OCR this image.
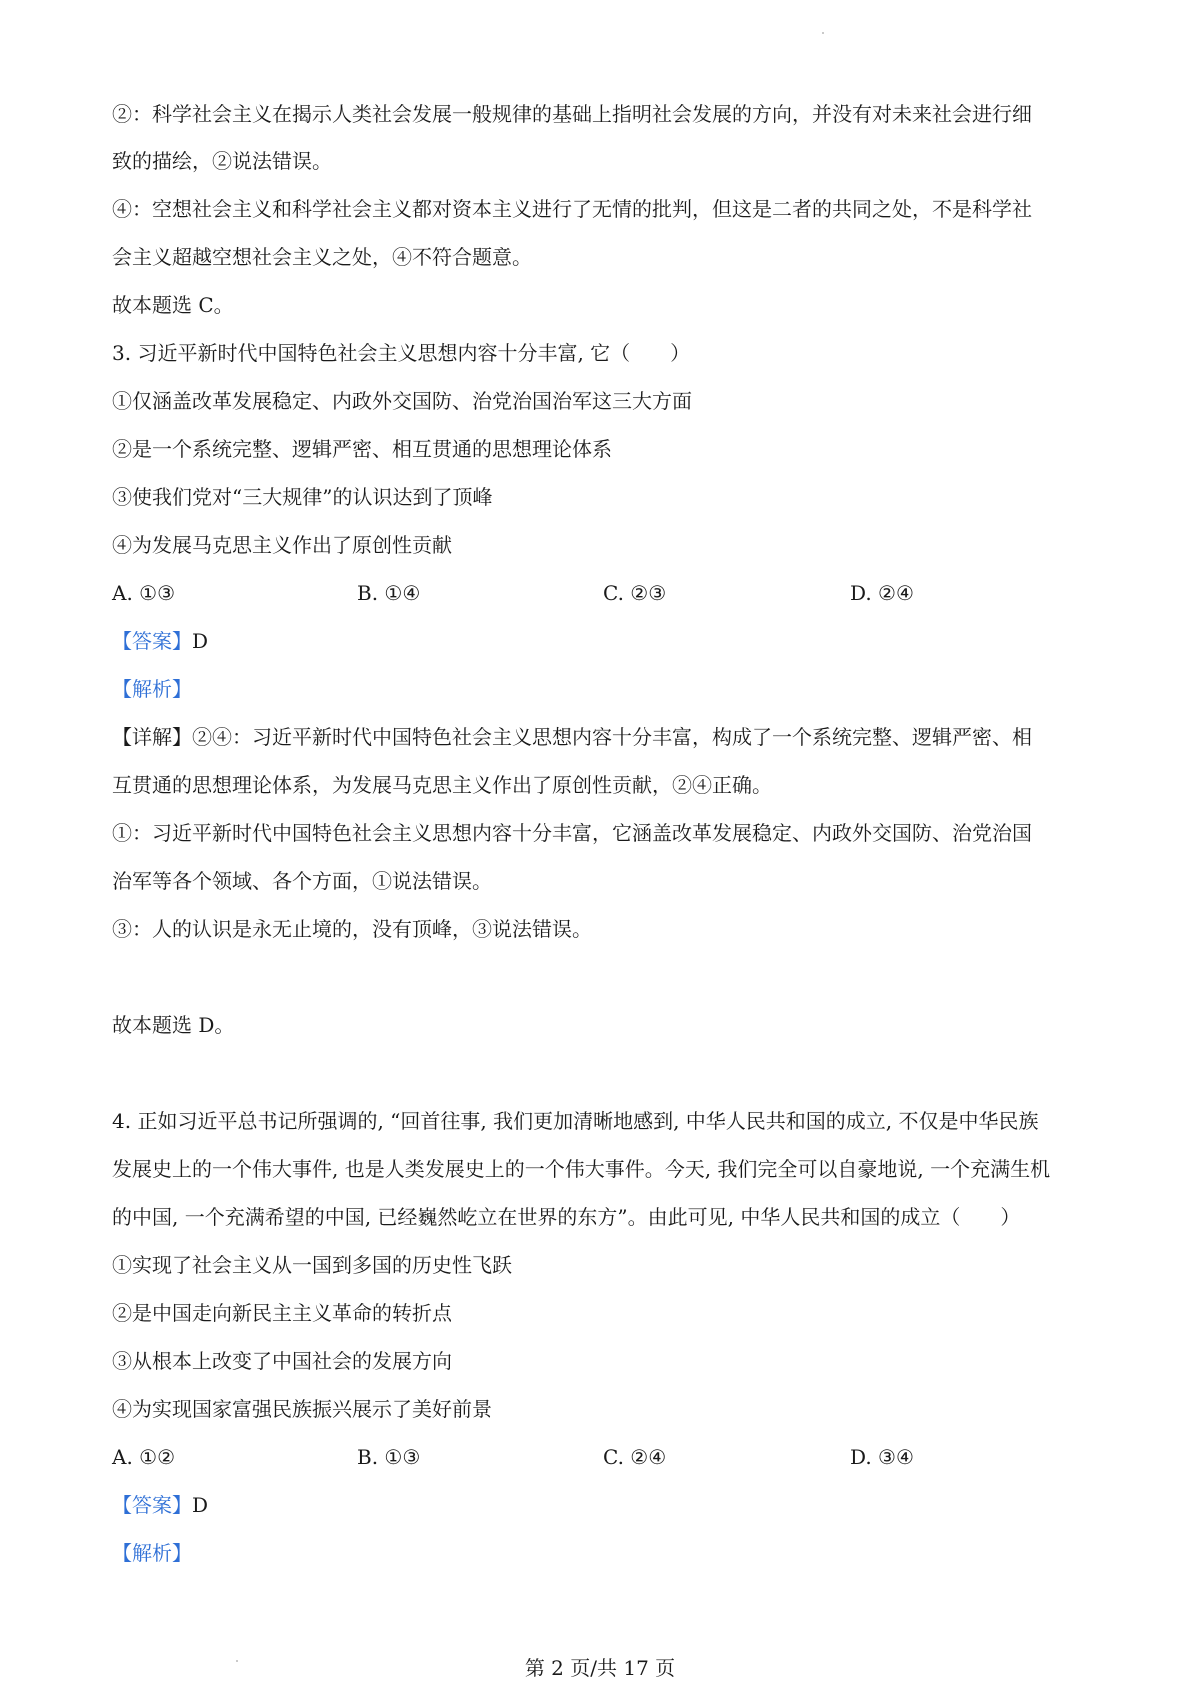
②：科学社会主义在揭示人类社会发展一般规律的基础上指明社会发展的方向，并没有对未来社会进行细
致的描绘，②说法错误。
④：空想社会主义和科学社会主义都对资本主义进行了无情的批判，但这是二者的共同之处，不是科学社
会主义超越空想社会主义之处，④不符合题意。
故本题选 C。
3. 习近平新时代中国特色社会主义思想内容十分丰富, 它（　　）
①仅涵盖改革发展稳定、内政外交国防、治党治国治军这三大方面
②是一个系统完整、逻辑严密、相互贯通的思想理论体系
③使我们党对“三大规律”的认识达到了顶峰
④为发展马克思主义作出了原创性贡献
A. ①③	B. ①④	C. ②③	D. ②④
【答案】D
【解析】
【详解】②④：习近平新时代中国特色社会主义思想内容十分丰富，构成了一个系统完整、逻辑严密、相
互贯通的思想理论体系，为发展马克思主义作出了原创性贡献，②④正确。
①：习近平新时代中国特色社会主义思想内容十分丰富，它涵盖改革发展稳定、内政外交国防、治党治国
治军等各个领域、各个方面，①说法错误。
③：人的认识是永无止境的，没有顶峰，③说法错误。
故本题选 D。
4. 正如习近平总书记所强调的, “回首往事, 我们更加清晰地感到, 中华人民共和国的成立, 不仅是中华民族
发展史上的一个伟大事件, 也是人类发展史上的一个伟大事件。今天, 我们完全可以自豪地说, 一个充满生机
的中国, 一个充满希望的中国, 已经巍然屹立在世界的东方”。由此可见, 中华人民共和国的成立（　　）
①实现了社会主义从一国到多国的历史性飞跃
②是中国走向新民主主义革命的转折点
③从根本上改变了中国社会的发展方向
④为实现国家富强民族振兴展示了美好前景
A. ①②	B. ①③	C. ②④	D. ③④
【答案】D
【解析】
第 2 页/共 17 页
